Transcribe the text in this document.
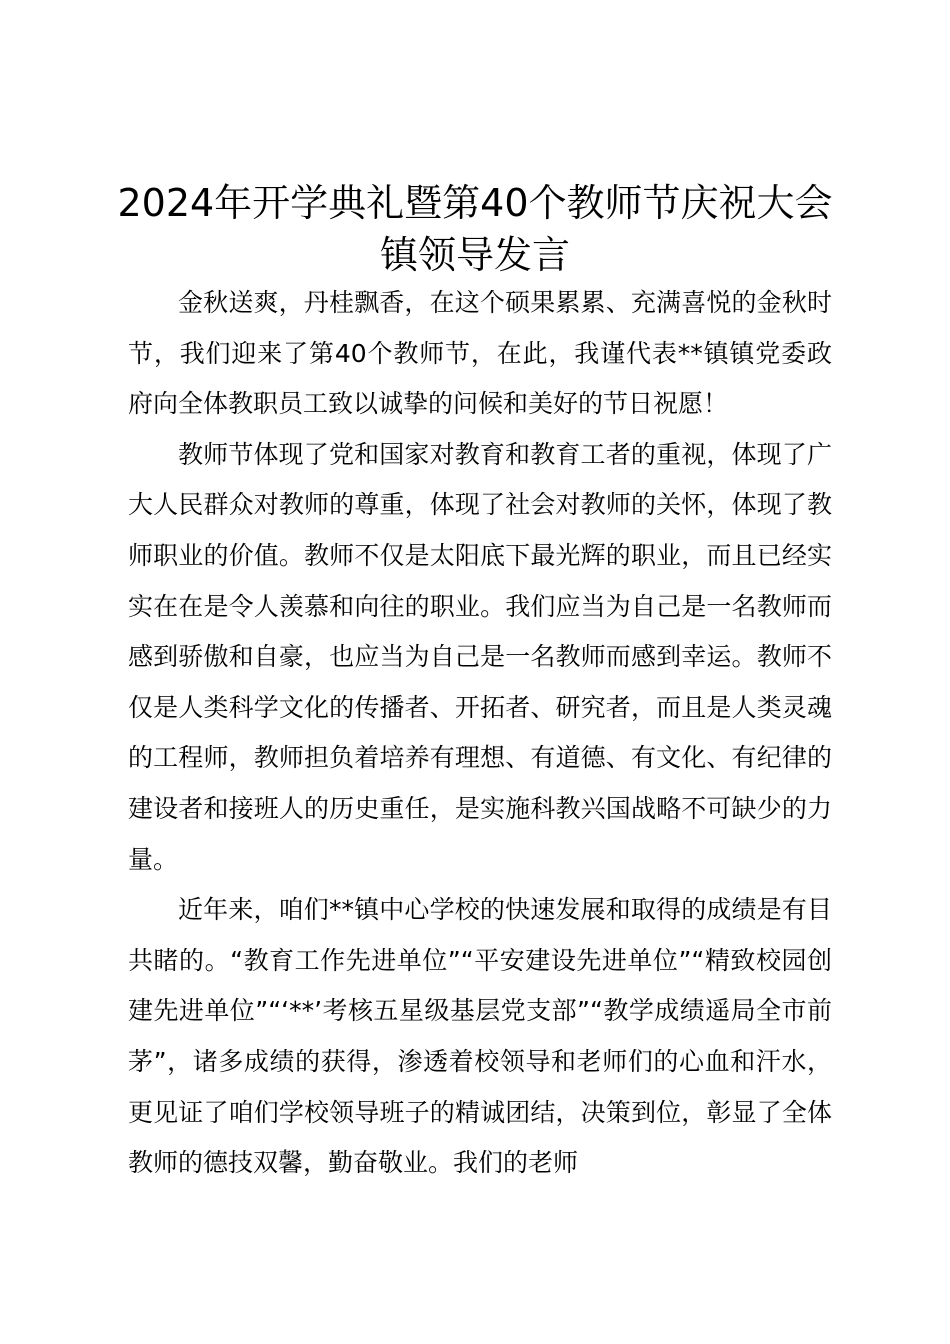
2024年开学典礼暨第40个教师节庆祝大会
镇领导发言

金秋送爽，丹桂飘香，在这个硕果累累、充满喜悦的金秋时节，我们迎来了第40个教师节，在此，我谨代表**镇镇党委政府向全体教职员工致以诚挚的问候和美好的节日祝愿！

教师节体现了党和国家对教育和教育工者的重视，体现了广大人民群众对教师的尊重，体现了社会对教师的关怀，体现了教师职业的价值。教师不仅是太阳底下最光辉的职业，而且已经实实在在是令人羡慕和向往的职业。我们应当为自己是一名教师而感到骄傲和自豪，也应当为自己是一名教师而感到幸运。教师不仅是人类科学文化的传播者、开拓者、研究者，而且是人类灵魂的工程师，教师担负着培养有理想、有道德、有文化、有纪律的建设者和接班人的历史重任，是实施科教兴国战略不可缺少的力量。

近年来，咱们**镇中心学校的快速发展和取得的成绩是有目共睹的。“教育工作先进单位”“平安建设先进单位”“精致校园创建先进单位”“‘**’考核五星级基层党支部”“教学成绩遥局全市前茅”，诸多成绩的获得，渗透着校领导和老师们的心血和汗水，更见证了咱们学校领导班子的精诚团结，决策到位，彰显了全体教师的德技双馨，勤奋敬业。我们的老师
